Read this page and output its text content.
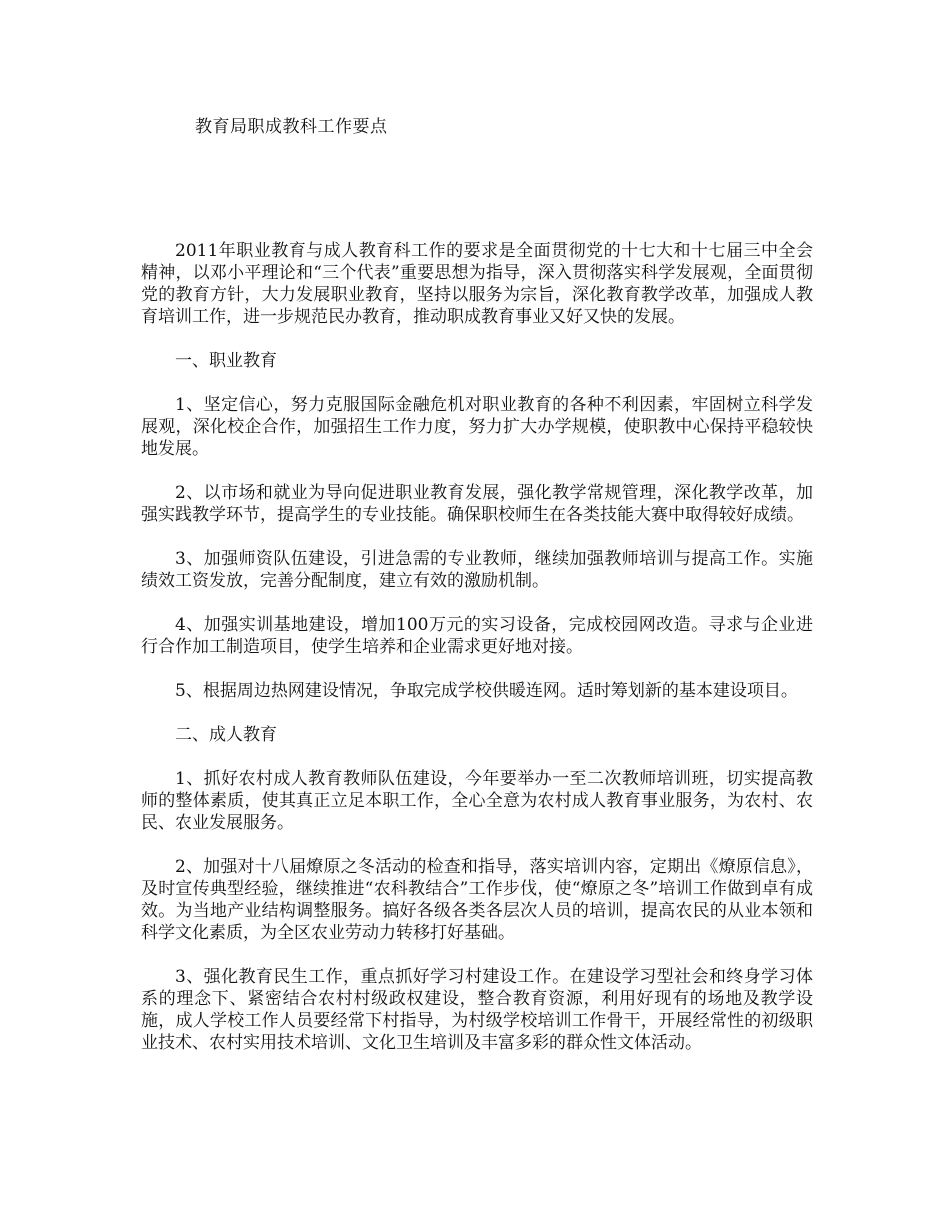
教育局职成教科工作要点

2011年职业教育与成人教育科工作的要求是全面贯彻党的十七大和十七届三中全会精神，以邓小平理论和“三个代表”重要思想为指导，深入贯彻落实科学发展观，全面贯彻党的教育方针，大力发展职业教育，坚持以服务为宗旨，深化教育教学改革，加强成人教育培训工作，进一步规范民办教育，推动职成教育事业又好又快的发展。

一、职业教育

1、坚定信心，努力克服国际金融危机对职业教育的各种不利因素，牢固树立科学发展观，深化校企合作，加强招生工作力度，努力扩大办学规模，使职教中心保持平稳较快地发展。

2、以市场和就业为导向促进职业教育发展，强化教学常规管理，深化教学改革，加强实践教学环节，提高学生的专业技能。确保职校师生在各类技能大赛中取得较好成绩。

3、加强师资队伍建设，引进急需的专业教师，继续加强教师培训与提高工作。实施绩效工资发放，完善分配制度，建立有效的激励机制。

4、加强实训基地建设，增加100万元的实习设备，完成校园网改造。寻求与企业进行合作加工制造项目，使学生培养和企业需求更好地对接。

5、根据周边热网建设情况，争取完成学校供暖连网。适时筹划新的基本建设项目。

二、成人教育

1、抓好农村成人教育教师队伍建设，今年要举办一至二次教师培训班，切实提高教师的整体素质，使其真正立足本职工作，全心全意为农村成人教育事业服务，为农村、农民、农业发展服务。

2、加强对十八届燎原之冬活动的检查和指导，落实培训内容，定期出《燎原信息》，及时宣传典型经验，继续推进“农科教结合”工作步伐，使“燎原之冬”培训工作做到卓有成效。为当地产业结构调整服务。搞好各级各类各层次人员的培训，提高农民的从业本领和科学文化素质，为全区农业劳动力转移打好基础。

3、强化教育民生工作，重点抓好学习村建设工作。在建设学习型社会和终身学习体系的理念下、紧密结合农村村级政权建设，整合教育资源，利用好现有的场地及教学设施，成人学校工作人员要经常下村指导，为村级学校培训工作骨干，开展经常性的初级职业技术、农村实用技术培训、文化卫生培训及丰富多彩的群众性文体活动。
